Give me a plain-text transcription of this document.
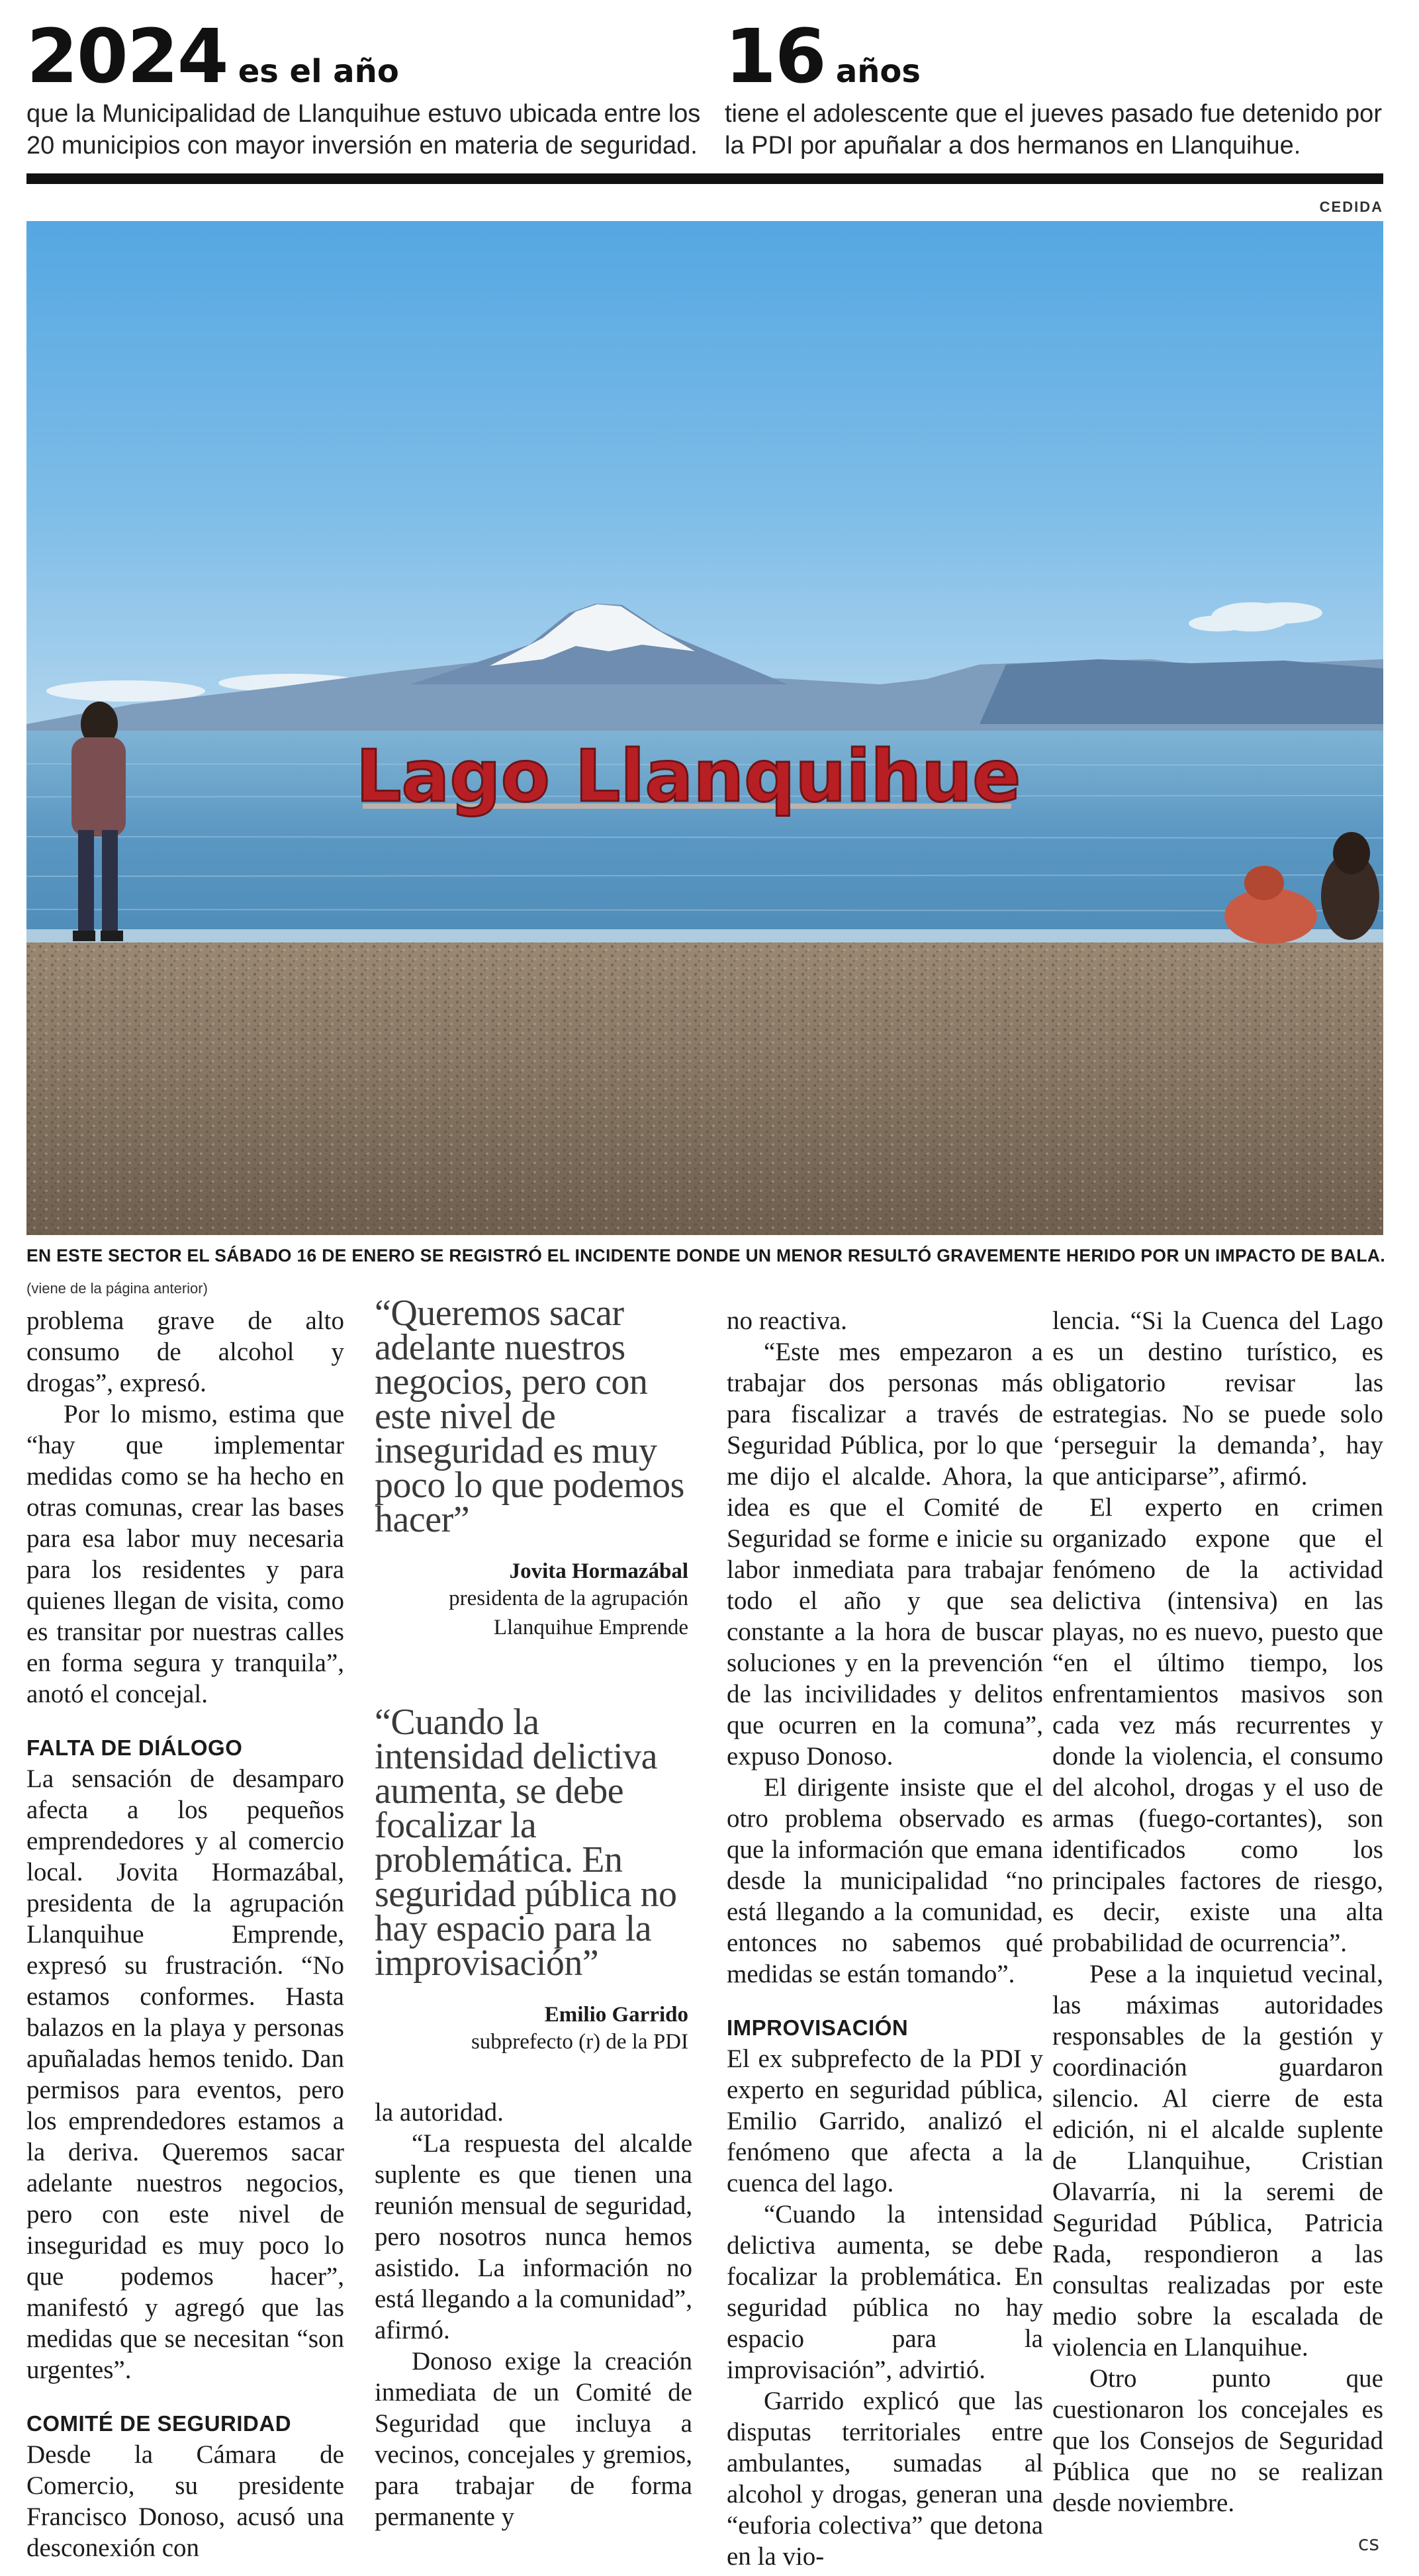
2024 es el año
que la Municipalidad de Llanquihue estuvo ubicada entre los 20 municipios con mayor inversión en materia de seguridad.
16 años
tiene el adolescente que el jueves pasado fue detenido por la PDI por apuñalar a dos hermanos en Llanquihue.
CEDIDA
Lago Llanquihue
EN ESTE SECTOR EL SÁBADO 16 DE ENERO SE REGISTRÓ EL INCIDENTE DONDE UN MENOR RESULTÓ GRAVEMENTE HERIDO POR UN IMPACTO DE BALA.
(viene de la página anterior)

problema grave de alto consumo de alcohol y drogas”, expresó.

Por lo mismo, estima que “hay que implementar medidas como se ha hecho en otras comunas, crear las bases para esa labor muy necesaria para los residentes y para quienes llegan de visita, como es transitar por nuestras calles en forma segura y tranquila”, anotó el concejal.

FALTA DE DIÁLOGO

La sensación de desamparo afecta a los pequeños emprendedores y al comercio local. Jovita Hormazábal, presidenta de la agrupación Llanquihue Emprende, expresó su frustración. “No estamos conformes. Hasta balazos en la playa y personas apuñaladas hemos tenido. Dan permisos para eventos, pero los emprendedores estamos a la deriva. Queremos sacar adelante nuestros negocios, pero con este nivel de inseguridad es muy poco lo que podemos hacer”, manifestó y agregó que las medidas que se necesitan “son urgentes”.

COMITÉ DE SEGURIDAD

Desde la Cámara de Comercio, su presidente Francisco Donoso, acusó una desconexión con

“Queremos sacar adelante nuestros negocios, pero con este nivel de inseguridad es muy poco lo que podemos hacer”
Jovita Hormazábal
presidenta de la agrupación Llanquihue Emprende
“Cuando la intensidad delictiva aumenta, se debe focalizar la problemática. En seguridad pública no hay espacio para la improvisación”
Emilio Garrido
subprefecto (r) de la PDI

la autoridad.

“La respuesta del alcalde suplente es que tienen una reunión mensual de seguridad, pero nosotros nunca hemos asistido. La información no está llegando a la comunidad”, afirmó.

Donoso exige la creación inmediata de un Comité de Seguridad que incluya a vecinos, concejales y gremios, para trabajar de forma permanente y

no reactiva.

“Este mes empezaron a trabajar dos personas más para fiscalizar a través de Seguridad Pública, por lo que me dijo el alcalde. Ahora, la idea es que el Comité de Seguridad se forme e inicie su labor inmediata para trabajar todo el año y que sea constante a la hora de buscar soluciones y en la prevención de las incivilidades y delitos que ocurren en la comuna”, expuso Donoso.

El dirigente insiste que el otro problema observado es que la información que emana desde la municipalidad “no está llegando a la comunidad, entonces no sabemos qué medidas se están tomando”.

IMPROVISACIÓN

El ex subprefecto de la PDI y experto en seguridad pública, Emilio Garrido, analizó el fenómeno que afecta a la cuenca del lago.

“Cuando la intensidad delictiva aumenta, se debe focalizar la problemática. En seguridad pública no hay espacio para la improvisación”, advirtió.

Garrido explicó que las disputas territoriales entre ambulantes, sumadas al alcohol y drogas, generan una “euforia colectiva” que detona en la vio-

lencia. “Si la Cuenca del Lago es un destino turístico, es obligatorio revisar las estrategias. No se puede solo ‘perseguir la demanda’, hay que anticiparse”, afirmó.

El experto en crimen organizado expone que el fenómeno de la actividad delictiva (intensiva) en las playas, no es nuevo, puesto que “en el último tiempo, los enfrentamientos masivos son cada vez más recurrentes y donde la violencia, el consumo del alcohol, drogas y el uso de armas (fuego-cortantes), son identificados como los principales factores de riesgo, es decir, existe una alta probabilidad de ocurrencia”.

Pese a la inquietud vecinal, las máximas autoridades responsables de la gestión y coordinación guardaron silencio. Al cierre de esta edición, ni el alcalde suplente de Llanquihue, Cristian Olavarría, ni la seremi de Seguridad Pública, Patricia Rada, respondieron a las consultas realizadas por este medio sobre la escalada de violencia en Llanquihue.

Otro punto que cuestionaron los concejales es que los Consejos de Seguridad Pública que no se realizan desde noviembre.

cs
